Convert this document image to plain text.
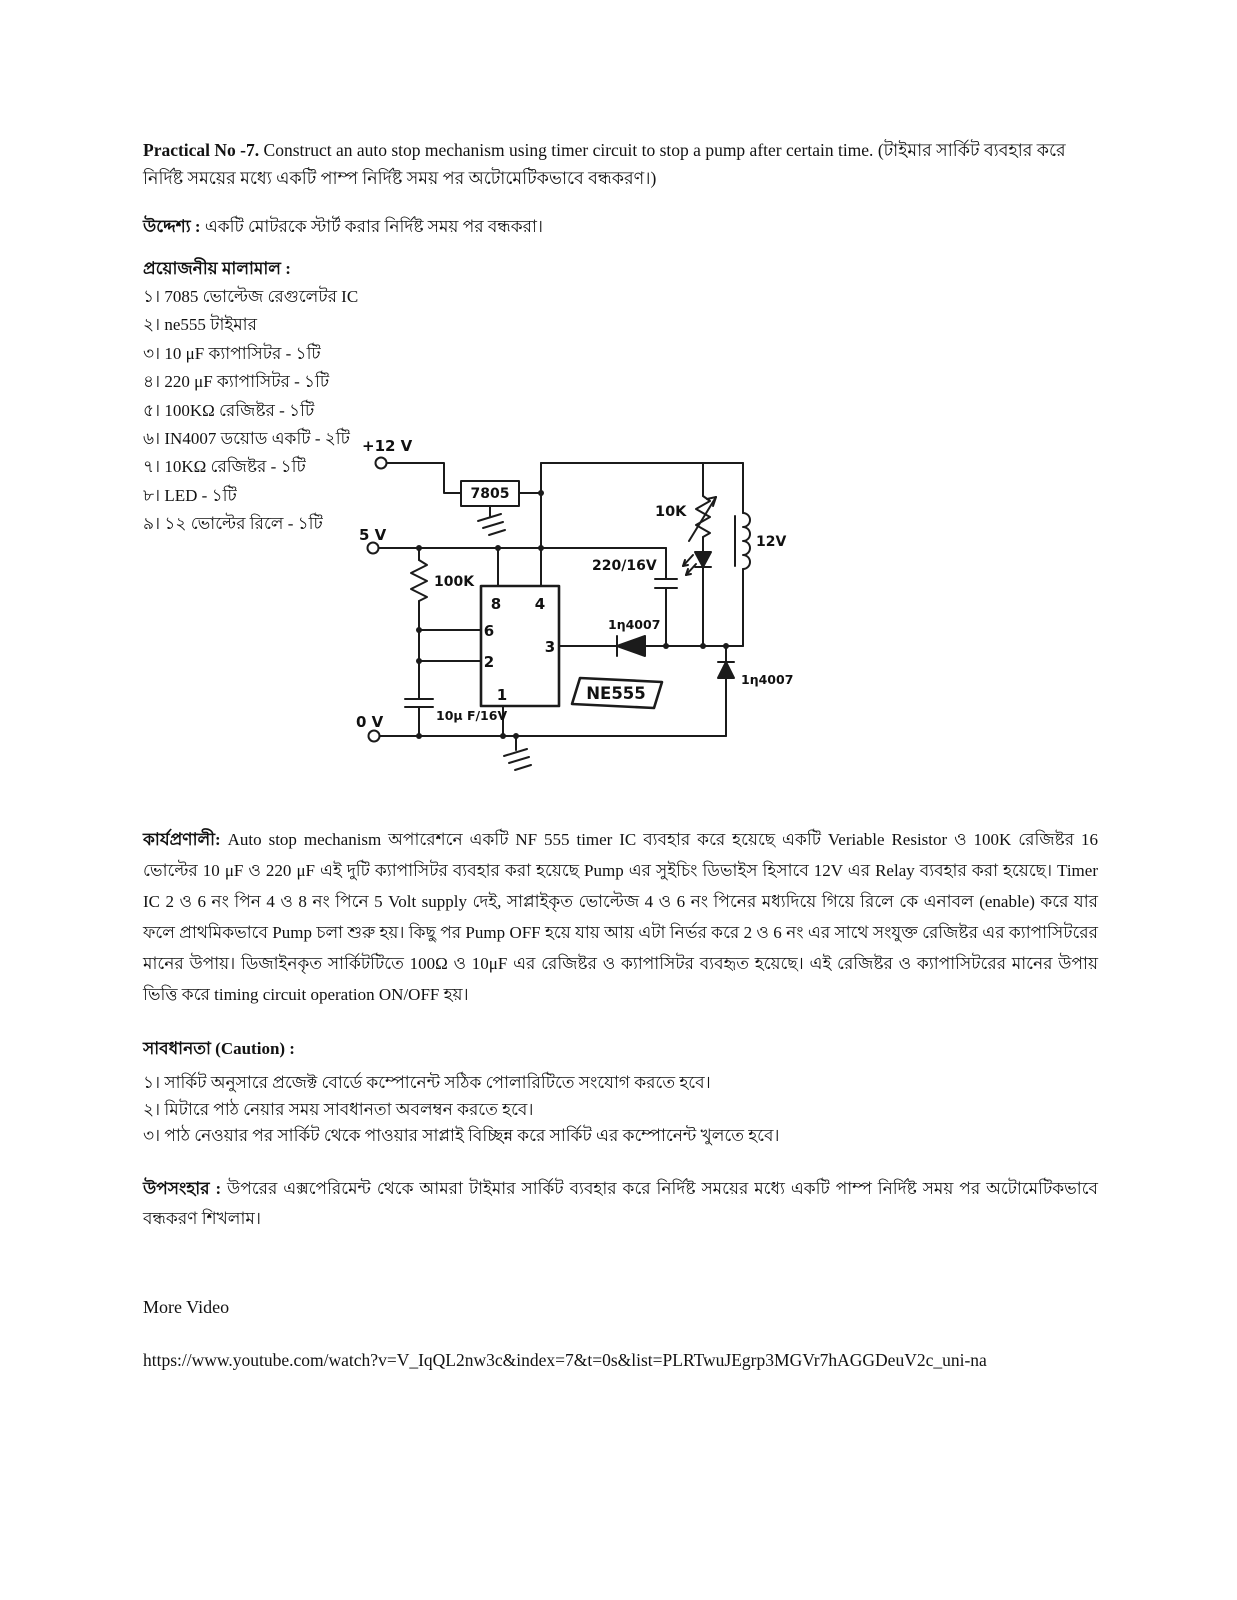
Practical No -7. Construct an auto stop mechanism using timer circuit to stop a pump after certain time. (টাইমার সার্কিট ব্যবহার করে নির্দিষ্ট সময়ের মধ্যে একটি পাম্প নির্দিষ্ট সময় পর অটোমেটিকভাবে বন্ধকরণ।)
উদ্দেশ্য : একটি মোটরকে স্টার্ট করার নির্দিষ্ট সময় পর বন্ধকরা।
প্রয়োজনীয় মালামাল :
১। 7085 ভোল্টেজ রেগুলেটর IC
২। ne555 টাইমার
৩। 10 μF ক্যাপাসিটর - ১টি
৪। 220 μF ক্যাপাসিটর - ১টি
৫। 100KΩ রেজিষ্টর - ১টি
৬। IN4007 ডয়োড একটি - ২টি
৭। 10KΩ রেজিষ্টর - ১টি
৮। LED - ১টি
৯। ১২ ভোল্টের রিলে - ১টি
+12 V
5 V
0 V
7805
100K
220/16V
10K
12V
1η4007
1η4007
10μ F/16V
NE555
8 4
6
2
3
1
কার্যপ্রণালী: Auto stop mechanism অপারেশনে একটি NF 555 timer IC ব্যবহার করে হয়েছে একটি Veriable Resistor ও 100K রেজিষ্টর 16 ভোল্টের 10 μF ও 220 μF এই দুটি ক্যাপাসিটর ব্যবহার করা হয়েছে Pump এর সুইচিং ডিভাইস হিসাবে 12V এর Relay ব্যবহার করা হয়েছে। Timer IC 2 ও 6 নং পিন 4 ও 8 নং পিনে 5 Volt supply দেই, সাপ্লাইকৃত ভোল্টেজ 4 ও 6 নং পিনের মধ্যদিয়ে গিয়ে রিলে কে এনাবল (enable) করে যার ফলে প্রাথমিকভাবে Pump চলা শুরু হয়। কিছু পর Pump OFF হয়ে যায় আয় এটা নির্ভর করে 2 ও 6 নং এর সাথে সংযুক্ত রেজিষ্টর এর ক্যাপাসিটরের মানের উপায়। ডিজাইনকৃত সার্কিটটিতে 100Ω ও 10μF এর রেজিষ্টর ও ক্যাপাসিটর ব্যবহৃত হয়েছে। এই রেজিষ্টর ও ক্যাপাসিটরের মানের উপায় ভিত্তি করে timing circuit operation ON/OFF হয়।
সাবধানতা (Caution) :
১। সার্কিট অনুসারে প্রজেক্ট বোর্ডে কম্পোনেন্ট সঠিক পোলারিটিতে সংযোগ করতে হবে।
২। মিটারে পাঠ নেয়ার সময় সাবধানতা অবলম্বন করতে হবে।
৩। পাঠ নেওয়ার পর সার্কিট থেকে পাওয়ার সাপ্লাই বিচ্ছিন্ন করে সার্কিট এর কম্পোনেন্ট খুলতে হবে।
উপসংহার : উপরের এক্সপেরিমেন্ট থেকে আমরা টাইমার সার্কিট ব্যবহার করে নির্দিষ্ট সময়ের মধ্যে একটি পাম্প নির্দিষ্ট সময় পর অটোমেটিকভাবে বন্ধকরণ শিখলাম।
More Video
https://www.youtube.com/watch?v=V_IqQL2nw3c&index=7&t=0s&list=PLRTwuJEgrp3MGVr7hAGGDeuV2c_uni-na
